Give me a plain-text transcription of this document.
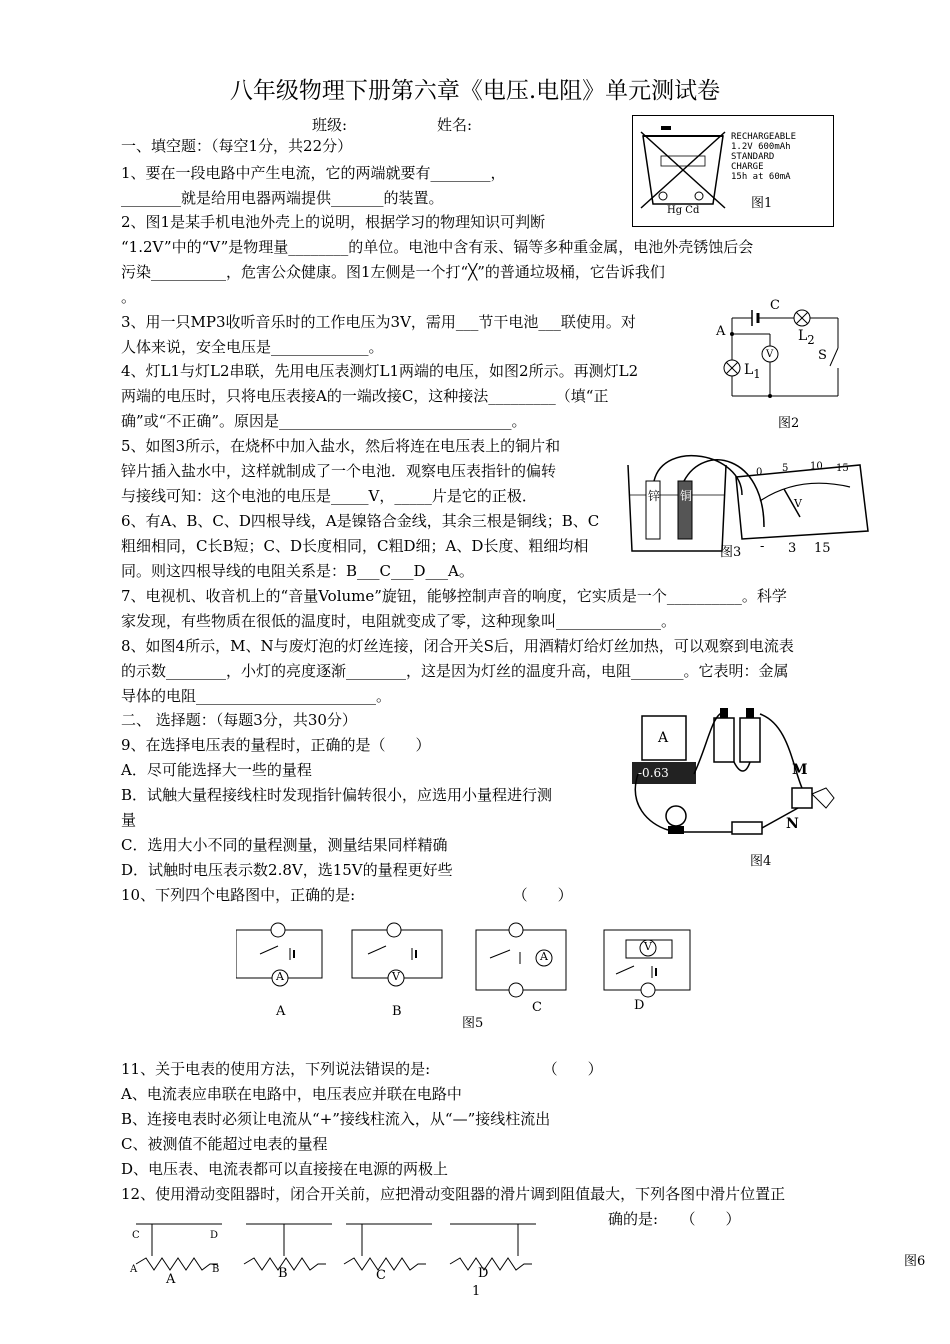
八年级物理下册第六章《电压.电阻》单元测试卷
班级:	姓名:
一、填空题：（每空1分，共22分）
1、要在一段电路中产生电流，它的两端就要有________，
________就是给用电器两端提供_______的装置。
2、图1是某手机电池外壳上的说明，根据学习的物理知识可判断
“1.2V”中的“V”是物理量________的单位。电池中含有汞、镉等多种重金属，电池外壳锈蚀后会
污染__________，危害公众健康。图1左侧是一个打“╳”的普通垃圾桶，它告诉我们
。
3、用一只MP3收听音乐时的工作电压为3V，需用___节干电池___联使用。对
人体来说，安全电压是_____________。
4、灯L1与灯L2串联，先用电压表测灯L1两端的电压，如图2所示。再测灯L2
两端的电压时，只将电压表接A的一端改接C，这种接法_________（填“正
确”或“不正确”。原因是_______________________________。
5、如图3所示，在烧杯中加入盐水，然后将连在电压表上的铜片和
锌片插入盐水中，这样就制成了一个电池．观察电压表指针的偏转
与接线可知：这个电池的电压是_____V，_____片是它的正极．
6、有A、B、C、D四根导线，A是镍铬合金线，其余三根是铜线；B、C
粗细相同，C长B短；C、D长度相同，C粗D细；A、D长度、粗细均相
同。则这四根导线的电阻关系是：B___C___D___A。
7、电视机、收音机上的“音量Volume”旋钮，能够控制声音的响度，它实质是一个__________。科学
家发现，有些物质在很低的温度时，电阻就变成了零，这种现象叫______________。
8、如图4所示，M、N与废灯泡的灯丝连接，闭合开关S后，用酒精灯给灯丝加热，可以观察到电流表
的示数________，小灯的亮度逐渐________，这是因为灯丝的温度升高，电阻_______。它表明：金属
导体的电阻________________________。
二、 选择题：（每题3分，共30分）
9、在选择电压表的量程时，正确的是（　　）
A．尽可能选择大一些的量程
B．试触大量程接线柱时发现指针偏转很小，应选用小量程进行测
量
C．选用大小不同的量程测量，测量结果同样精确
D．试触时电压表示数2.8V，选15V的量程更好些
10、下列四个电路图中，正确的是:　　　　　　　　　　　（　　）
11、关于电表的使用方法，下列说法错误的是:　　　　　　　　（　　）
A、电流表应串联在电路中，电压表应并联在电路中
B、连接电表时必须让电流从“+”接线柱流入，从“—”接线柱流出
C、被测值不能超过电表的量程
D、电压表、电流表都可以直接接在电源的两极上
12、使用滑动变阻器时，闭合开关前，应把滑动变阻器的滑片调到阻值最大，下列各图中滑片位置正
确的是:　　（　　）
Hg Cd
RECHARGEABLE
1.2V 600mAh
STANDARD
CHARGE
15h at 60mA
图1
V
A
C
$L_2$
$L_1$
S
图2
锌 铜
0 5 10 15
V
- 3 15
图3
A
-0.63	M
N
图4
A	V
A
V
A	B	C	D
图5
C	D
A	B
A	B	C	D
图6
1
